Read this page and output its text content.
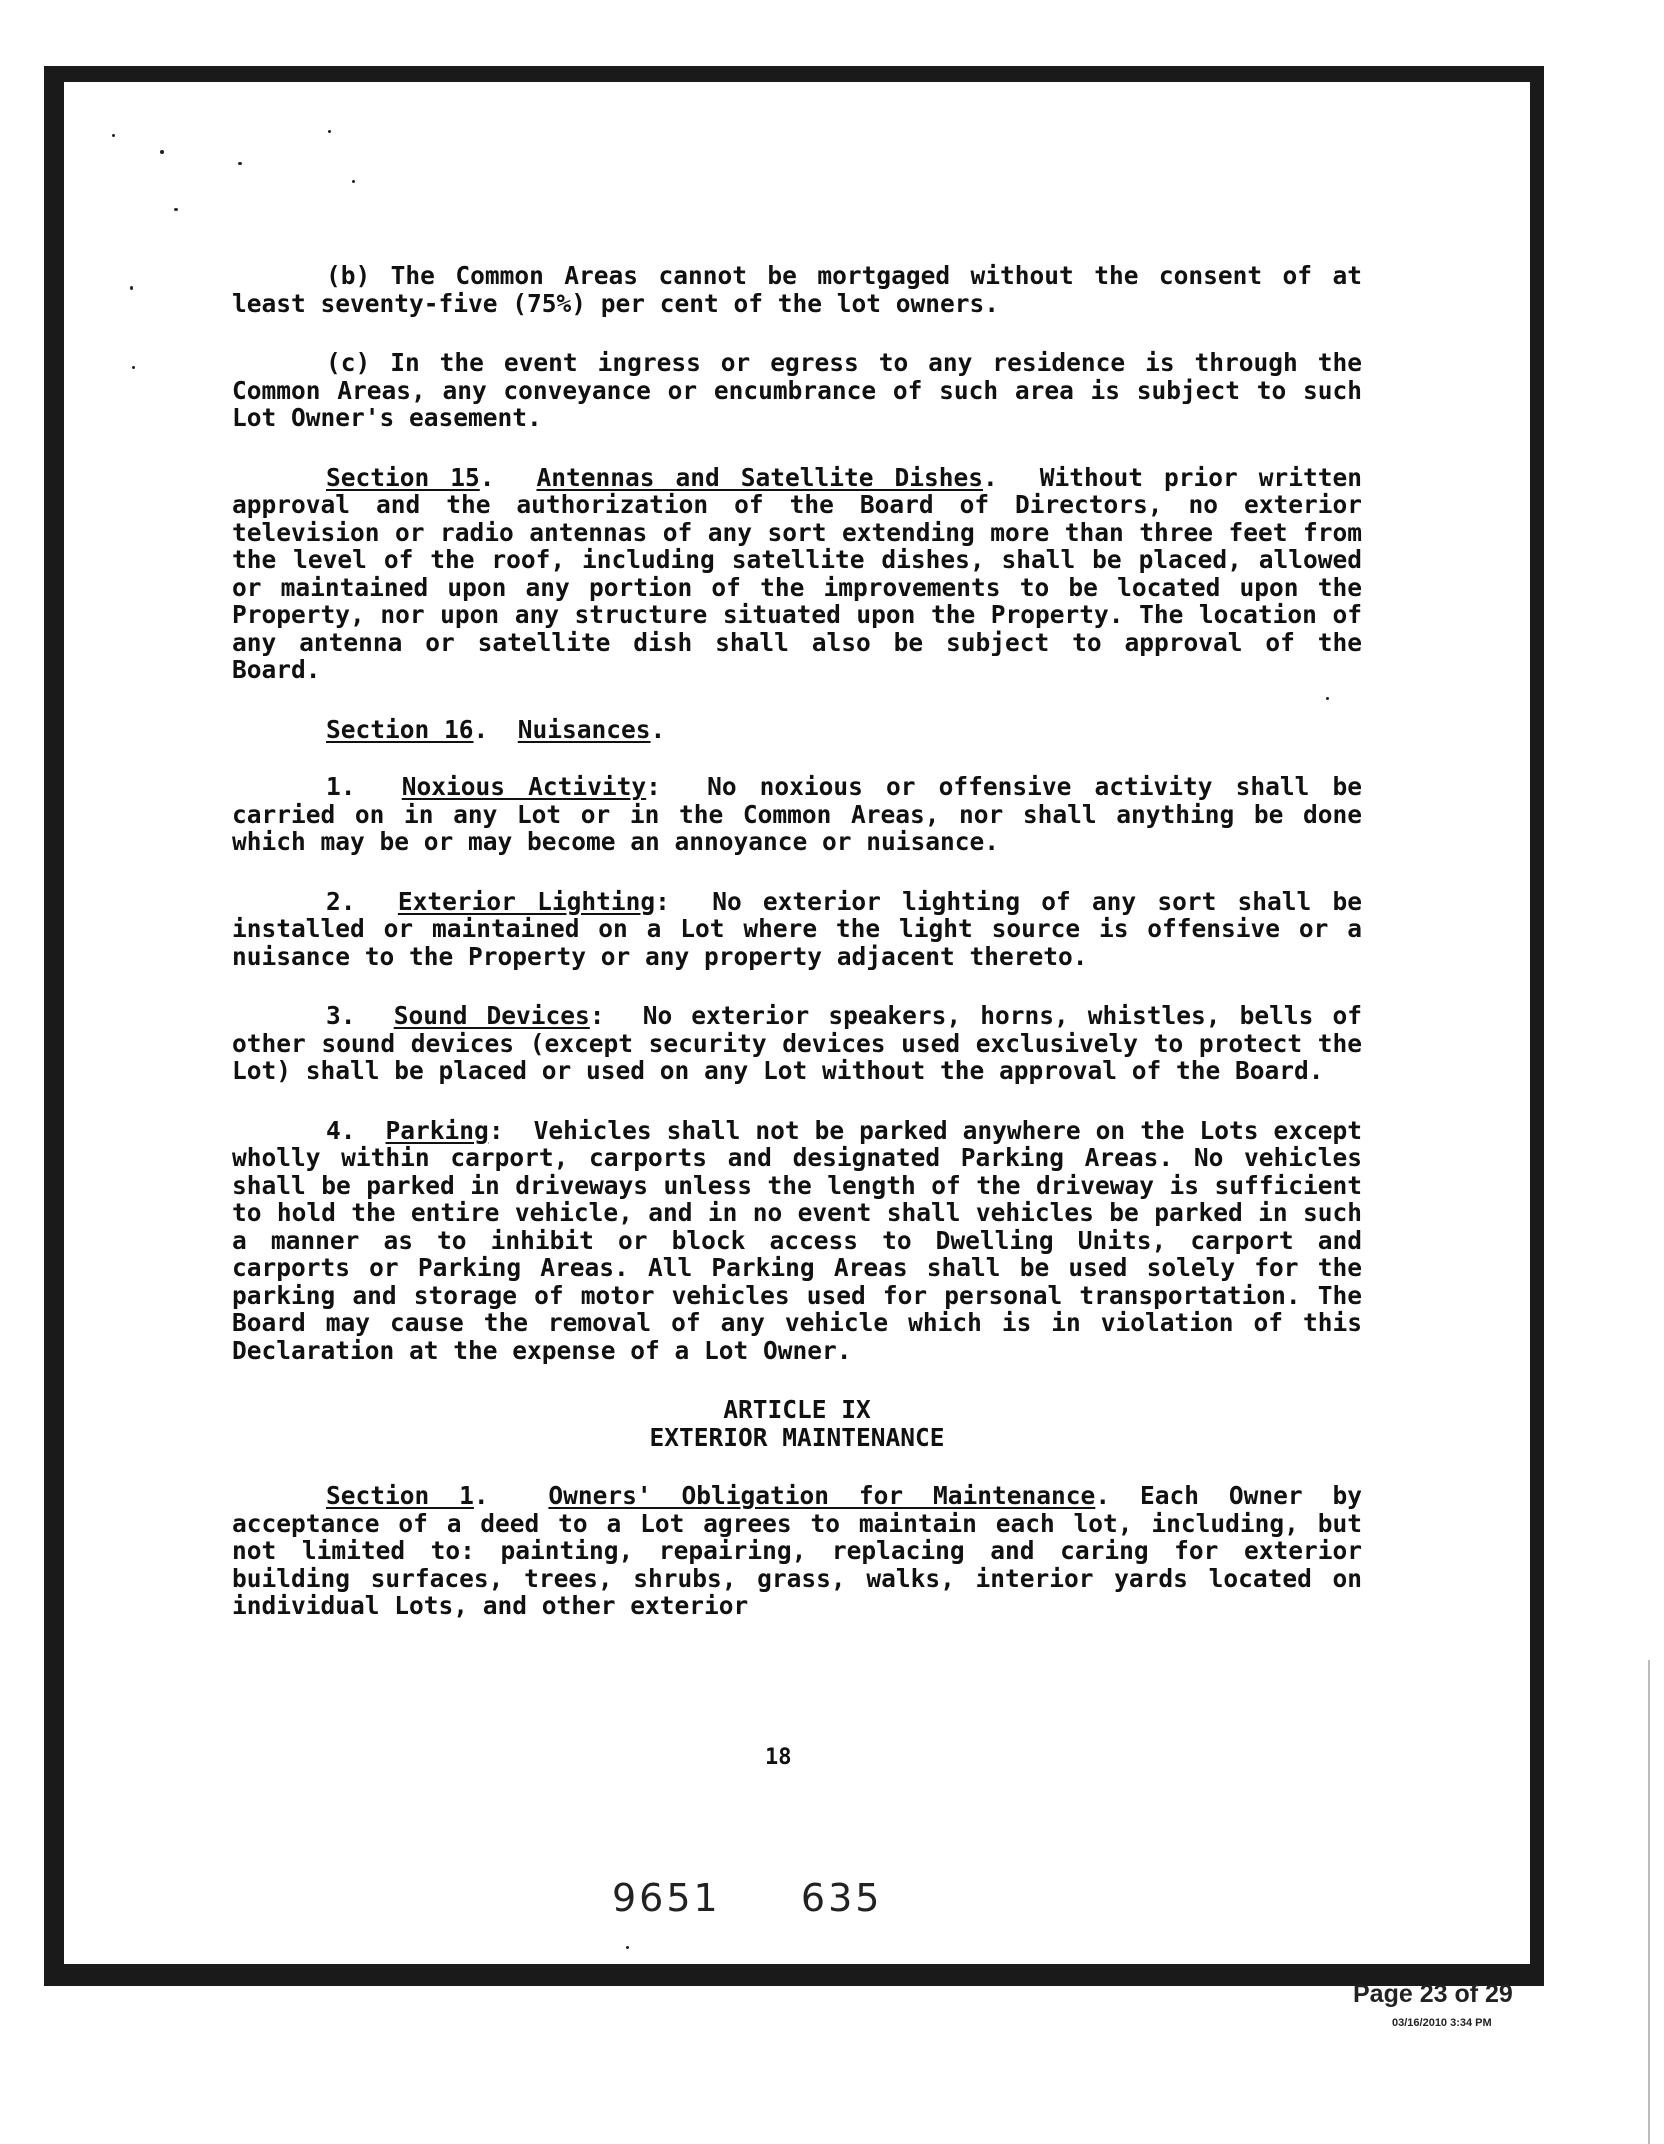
(b) The Common Areas cannot be mortgaged without the consent of at least seventy-five (75%) per cent of the lot owners.

(c) In the event ingress or egress to any residence is through the Common Areas, any conveyance or encumbrance of such area is subject to such Lot Owner's easement.

Section 15.  Antennas and Satellite Dishes.  Without prior written approval and the authorization of the Board of Directors, no exterior television or radio antennas of any sort extending more than three feet from the level of the roof, including satellite dishes, shall be placed, allowed or maintained upon any portion of the improvements to be located upon the Property, nor upon any structure situated upon the Property. The location of any antenna or satellite dish shall also be subject to approval of the Board.

Section 16.  Nuisances.

1. Noxious Activity:  No noxious or offensive activity shall be carried on in any Lot or in the Common Areas, nor shall anything be done which may be or may become an annoyance or nuisance.

2. Exterior Lighting:  No exterior lighting of any sort shall be installed or maintained on a Lot where the light source is offensive or a nuisance to the Property or any property adjacent thereto.

3. Sound Devices:  No exterior speakers, horns, whistles, bells of other sound devices (except security devices used exclusively to protect the Lot) shall be placed or used on any Lot without the approval of the Board.

4. Parking:  Vehicles shall not be parked anywhere on the Lots except wholly within carport, carports and designated Parking Areas. No vehicles shall be parked in driveways unless the length of the driveway is sufficient to hold the entire vehicle, and in no event shall vehicles be parked in such a manner as to inhibit or block access to Dwelling Units, carport and carports or Parking Areas. All Parking Areas shall be used solely for the parking and storage of motor vehicles used for personal transportation. The Board may cause the removal of any vehicle which is in violation of this Declaration at the expense of a Lot Owner.

ARTICLE IX
EXTERIOR MAINTENANCE

Section 1.  Owners' Obligation for Maintenance. Each Owner by acceptance of a deed to a Lot agrees to maintain each lot, including, but not limited to: painting, repairing, replacing and caring for exterior building surfaces, trees, shrubs, grass, walks, interior yards located on individual Lots, and other exterior

18
9651 635
Page 23 of 29
03/16/2010 3:34 PM
